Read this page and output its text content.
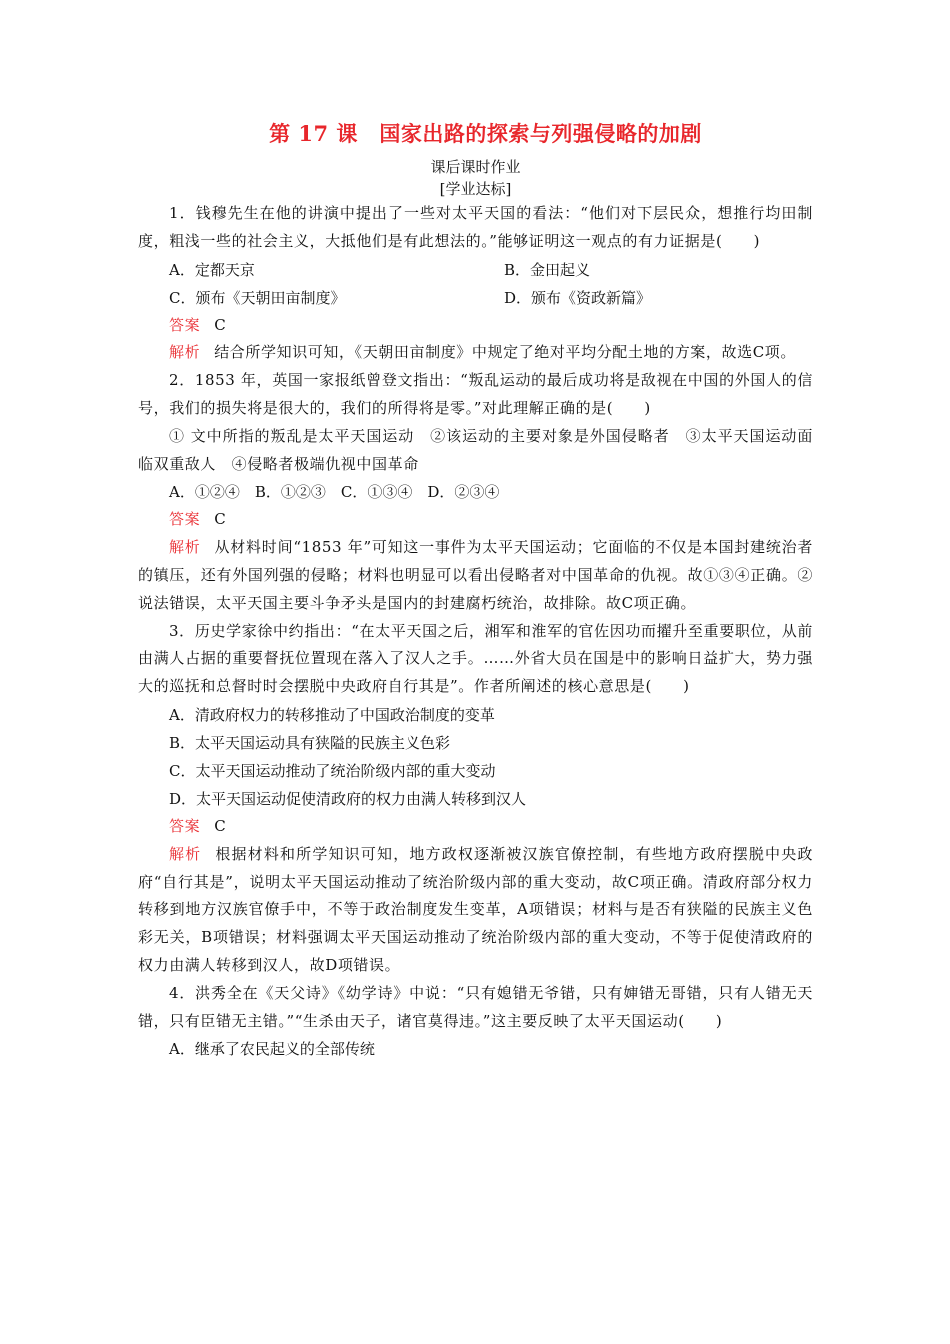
第 17 课　国家出路的探索与列强侵略的加剧
课后课时作业
[学业达标]

1．钱穆先生在他的讲演中提出了一些对太平天国的看法：“他们对下层民众，想推行均田制度，粗浅一些的社会主义，大抵他们是有此想法的。”能够证明这一观点的有力证据是(　　)

A．定都天京	B．金田起义
C．颁布《天朝田亩制度》	D．颁布《资政新篇》

答案 C

解析 结合所学知识可知，《天朝田亩制度》中规定了绝对平均分配土地的方案，故选C项。

2．1853 年，英国一家报纸曾登文指出：“叛乱运动的最后成功将是敌视在中国的外国人的信号，我们的损失将是很大的，我们的所得将是零。”对此理解正确的是(　　)

① 文中所指的叛乱是太平天国运动　②该运动的主要对象是外国侵略者　③太平天国运动面临双重敌人　④侵略者极端仇视中国革命

A．①②④　B．①②③　C．①③④　D．②③④

答案 C

解析 从材料时间“1853 年”可知这一事件为太平天国运动；它面临的不仅是本国封建统治者的镇压，还有外国列强的侵略；材料也明显可以看出侵略者对中国革命的仇视。故①③④正确。②说法错误，太平天国主要斗争矛头是国内的封建腐朽统治，故排除。故C项正确。

3．历史学家徐中约指出：“在太平天国之后，湘军和淮军的官佐因功而擢升至重要职位，从前由满人占据的重要督抚位置现在落入了汉人之手。……外省大员在国是中的影响日益扩大，势力强大的巡抚和总督时时会摆脱中央政府自行其是”。作者所阐述的核心意思是(　　)

A．清政府权力的转移推动了中国政治制度的变革

B．太平天国运动具有狭隘的民族主义色彩

C．太平天国运动推动了统治阶级内部的重大变动

D．太平天国运动促使清政府的权力由满人转移到汉人

答案 C

解析 根据材料和所学知识可知，地方政权逐渐被汉族官僚控制，有些地方政府摆脱中央政府“自行其是”，说明太平天国运动推动了统治阶级内部的重大变动，故C项正确。清政府部分权力转移到地方汉族官僚手中，不等于政治制度发生变革，A项错误；材料与是否有狭隘的民族主义色彩无关，B项错误；材料强调太平天国运动推动了统治阶级内部的重大变动，不等于促使清政府的权力由满人转移到汉人，故D项错误。

4．洪秀全在《天父诗》《幼学诗》中说：“只有媳错无爷错，只有婶错无哥错，只有人错无天错，只有臣错无主错。”“生杀由天子，诸官莫得违。”这主要反映了太平天国运动(　　)

A．继承了农民起义的全部传统
